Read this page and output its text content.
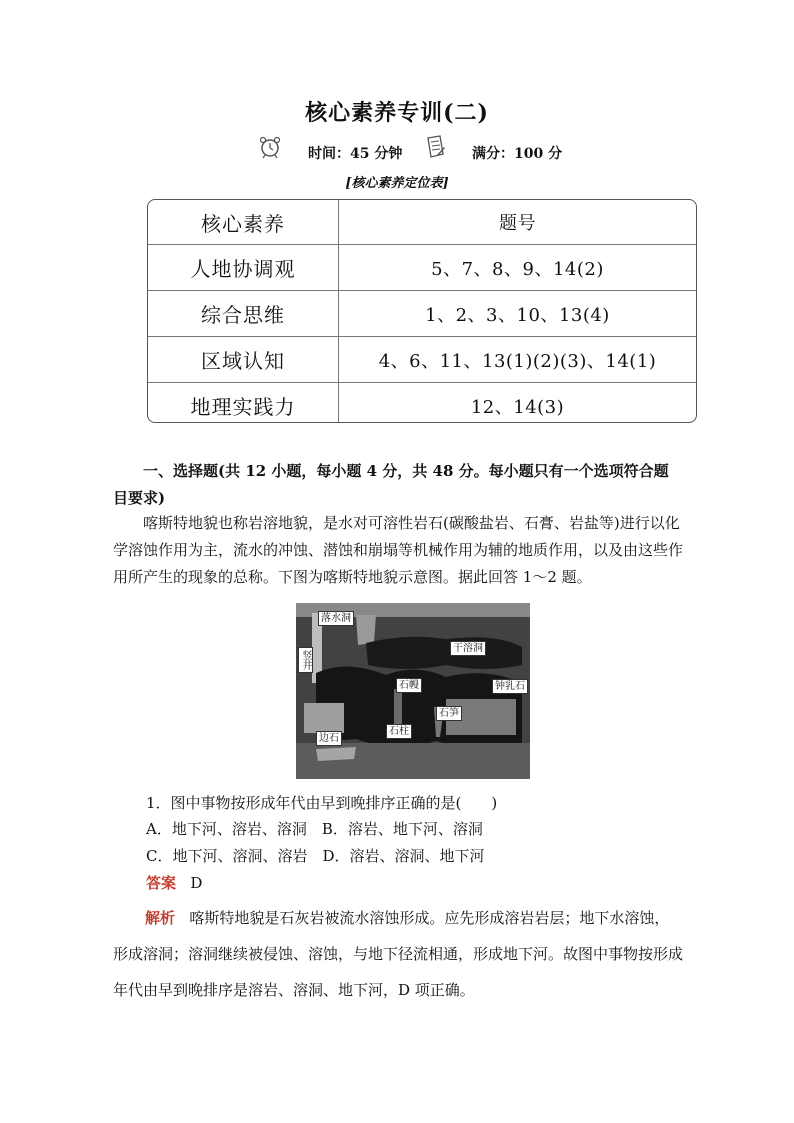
核心素养专训(二)
时间：45 分钟	满分：100 分
[核心素养定位表]
核心素养	题号
人地协调观	5、7、8、9、14(2)
综合思维	1、2、3、10、13(4)
区域认知	4、6、11、13(1)(2)(3)、14(1)
地理实践力	12、14(3)

一、选择题(共 12 小题，每小题 4 分，共 48 分。每小题只有一个选项符合题目要求)

喀斯特地貌也称岩溶地貌，是水对可溶性岩石(碳酸盐岩、石膏、岩盐等)进行以化学溶蚀作用为主，流水的冲蚀、潜蚀和崩塌等机械作用为辅的地质作用，以及由这些作用所产生的现象的总称。下图为喀斯特地貌示意图。据此回答 1～2 题。

落水洞
竖井
干溶洞
石幔	钟乳石
石笋
石柱
边石

1．图中事物按形成年代由早到晚排序正确的是(　　)

A．地下河、溶岩、溶洞　B．溶岩、地下河、溶洞

C．地下河、溶洞、溶岩　D．溶岩、溶洞、地下河

答案 D

解析 喀斯特地貌是石灰岩被流水溶蚀形成。应先形成溶岩岩层；地下水溶蚀，形成溶洞；溶洞继续被侵蚀、溶蚀，与地下径流相通，形成地下河。故图中事物按形成年代由早到晚排序是溶岩、溶洞、地下河，D 项正确。
